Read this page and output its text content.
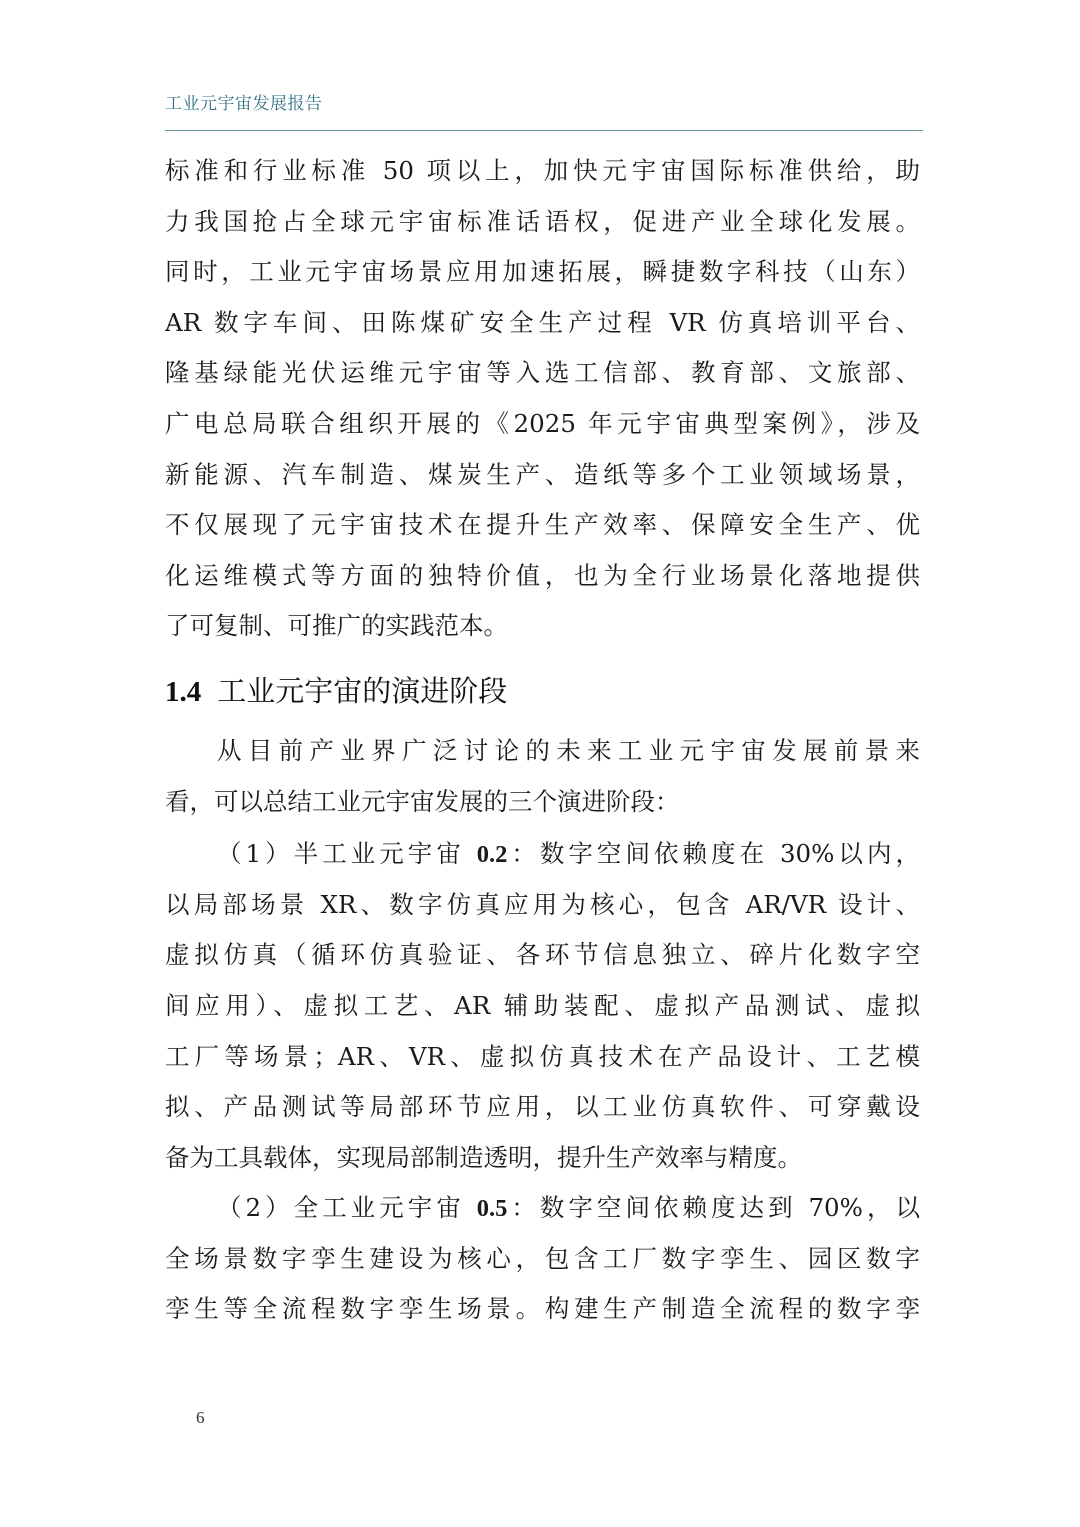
工业元宇宙发展报告
标准和行业标准 50 项以上，加快元宇宙国际标准供给，助
力我国抢占全球元宇宙标准话语权，促进产业全球化发展。
同时，工业元宇宙场景应用加速拓展，瞬捷数字科技（山东）
AR 数字车间、田陈煤矿安全生产过程 VR 仿真培训平台、
隆基绿能光伏运维元宇宙等入选工信部、教育部、文旅部、
广电总局联合组织开展的《2025 年元宇宙典型案例》，涉及
新能源、汽车制造、煤炭生产、造纸等多个工业领域场景，
不仅展现了元宇宙技术在提升生产效率、保障安全生产、优
化运维模式等方面的独特价值，也为全行业场景化落地提供
了可复制、可推广的实践范本。
1.4 工业元宇宙的演进阶段
从目前产业界广泛讨论的未来工业元宇宙发展前景来
看，可以总结工业元宇宙发展的三个演进阶段：
（1）半工业元宇宙 0.2：数字空间依赖度在 30%以内，
以局部场景 XR、数字仿真应用为核心，包含 AR/VR 设计、
虚拟仿真（循环仿真验证、各环节信息独立、碎片化数字空
间应用）、虚拟工艺、AR 辅助装配、虚拟产品测试、虚拟
工厂等场景；AR、VR、虚拟仿真技术在产品设计、工艺模
拟、产品测试等局部环节应用，以工业仿真软件、可穿戴设
备为工具载体，实现局部制造透明，提升生产效率与精度。
（2）全工业元宇宙 0.5：数字空间依赖度达到 70%，以
全场景数字孪生建设为核心，包含工厂数字孪生、园区数字
孪生等全流程数字孪生场景。构建生产制造全流程的数字孪
6
